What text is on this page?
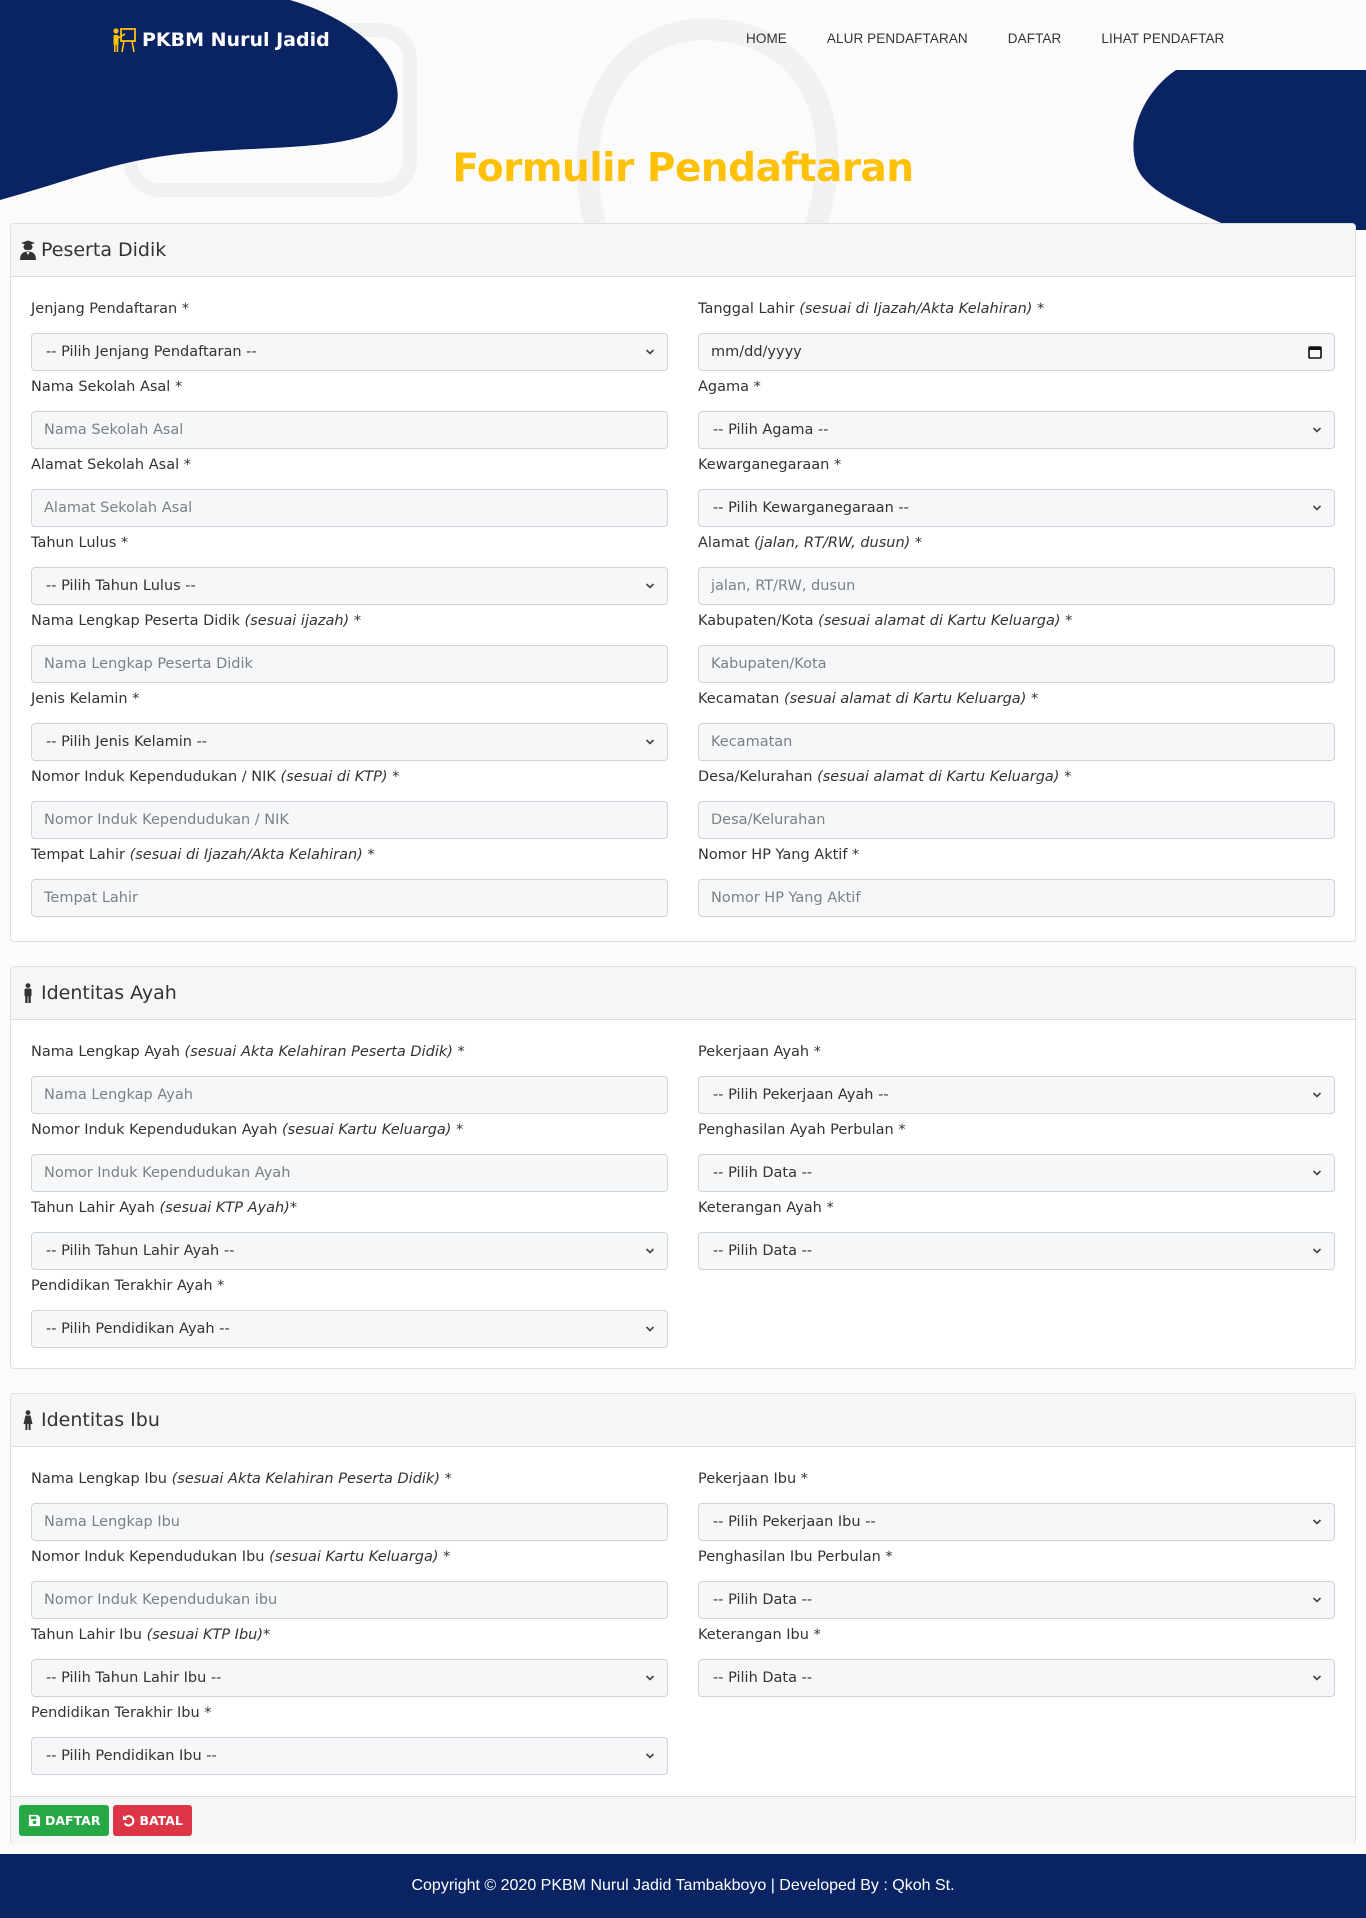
PKBM Nurul Jadid	HOME	ALUR PENDAFTARAN	DAFTAR	LIHAT PENDAFTAR
Formulir Pendaftaran
Peserta Didik
Jenjang Pendaftaran *
-- Pilih Jenjang Pendaftaran --
Nama Sekolah Asal *
Nama Sekolah Asal
Alamat Sekolah Asal *
Alamat Sekolah Asal
Tahun Lulus *
-- Pilih Tahun Lulus --
Nama Lengkap Peserta Didik (sesuai ijazah) *
Nama Lengkap Peserta Didik
Jenis Kelamin *
-- Pilih Jenis Kelamin --
Nomor Induk Kependudukan / NIK (sesuai di KTP) *
Nomor Induk Kependudukan / NIK
Tempat Lahir (sesuai di Ijazah/Akta Kelahiran) *
Tempat Lahir
Tanggal Lahir (sesuai di Ijazah/Akta Kelahiran) *
mm/dd/yyyy
Agama *
-- Pilih Agama --
Kewarganegaraan *
-- Pilih Kewarganegaraan --
Alamat (jalan, RT/RW, dusun) *
jalan, RT/RW, dusun
Kabupaten/Kota (sesuai alamat di Kartu Keluarga) *
Kabupaten/Kota
Kecamatan (sesuai alamat di Kartu Keluarga) *
Kecamatan
Desa/Kelurahan (sesuai alamat di Kartu Keluarga) *
Desa/Kelurahan
Nomor HP Yang Aktif *
Nomor HP Yang Aktif
Identitas Ayah
Nama Lengkap Ayah (sesuai Akta Kelahiran Peserta Didik) *
Nama Lengkap Ayah
Nomor Induk Kependudukan Ayah (sesuai Kartu Keluarga) *
Nomor Induk Kependudukan Ayah
Tahun Lahir Ayah (sesuai KTP Ayah)*
-- Pilih Tahun Lahir Ayah --
Pendidikan Terakhir Ayah *
-- Pilih Pendidikan Ayah --
Pekerjaan Ayah *
-- Pilih Pekerjaan Ayah --
Penghasilan Ayah Perbulan *
-- Pilih Data --
Keterangan Ayah *
-- Pilih Data --
Identitas Ibu
Nama Lengkap Ibu (sesuai Akta Kelahiran Peserta Didik) *
Nama Lengkap Ibu
Nomor Induk Kependudukan Ibu (sesuai Kartu Keluarga) *
Nomor Induk Kependudukan ibu
Tahun Lahir Ibu (sesuai KTP Ibu)*
-- Pilih Tahun Lahir Ibu --
Pendidikan Terakhir Ibu *
-- Pilih Pendidikan Ibu --
Pekerjaan Ibu *
-- Pilih Pekerjaan Ibu --
Penghasilan Ibu Perbulan *
-- Pilih Data --
Keterangan Ibu *
-- Pilih Data --
DAFTAR	BATAL
Copyright © 2020 PKBM Nurul Jadid Tambakboyo | Developed By : Qkoh St.
